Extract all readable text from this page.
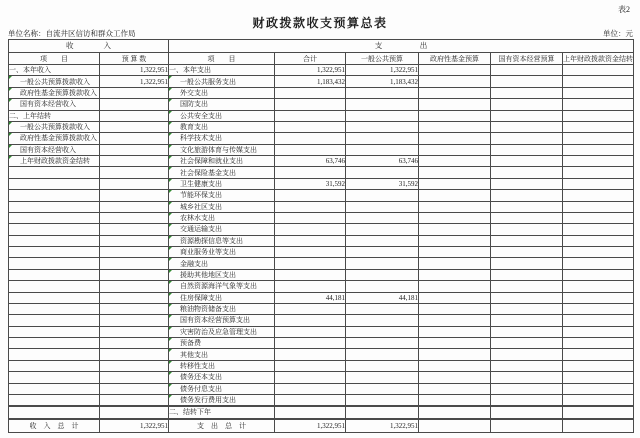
表2
财政拨款收支预算总表
单位名称：自流井区信访和群众工作局	单位：元
收　　　　入		支　　　　　出					
项　　目	预 算 数	项　　目	合计	一般公共预算	政府性基金预算	国有资本经营预算	上年财政拨款资金结转
一、本年收入	1,322,951	一、本年支出	1,322,951	1,322,951			
一般公共预算拨款收入	1,322,951	一般公共服务支出	1,183,432	1,183,432			
政府性基金预算拨款收入		外交支出					
国有资本经营收入		国防支出					
二、上年结转		公共安全支出					
一般公共预算拨款收入		教育支出					
政府性基金预算拨款收入		科学技术支出					
国有资本经营收入		文化旅游体育与传媒支出					
上年财政拨款资金结转		社会保障和就业支出	63,746	63,746			
		社会保险基金支出					
		卫生健康支出	31,592	31,592			
		节能环保支出					
		城乡社区支出					
		农林水支出					
		交通运输支出					
		资源勘探信息等支出					
		商业服务业等支出					
		金融支出					
		援助其他地区支出					
		自然资源海洋气象等支出					
		住房保障支出	44,181	44,181			
		粮油物资储备支出					
		国有资本经营预算支出					
		灾害防治及应急管理支出					
		预备费					
		其他支出					
		转移性支出					
		债务还本支出					
		债务付息支出					
		债务发行费用支出					

		二、结转下年					

收　入　总　计	1,322,951	支　出　总　计	1,322,951	1,322,951			
